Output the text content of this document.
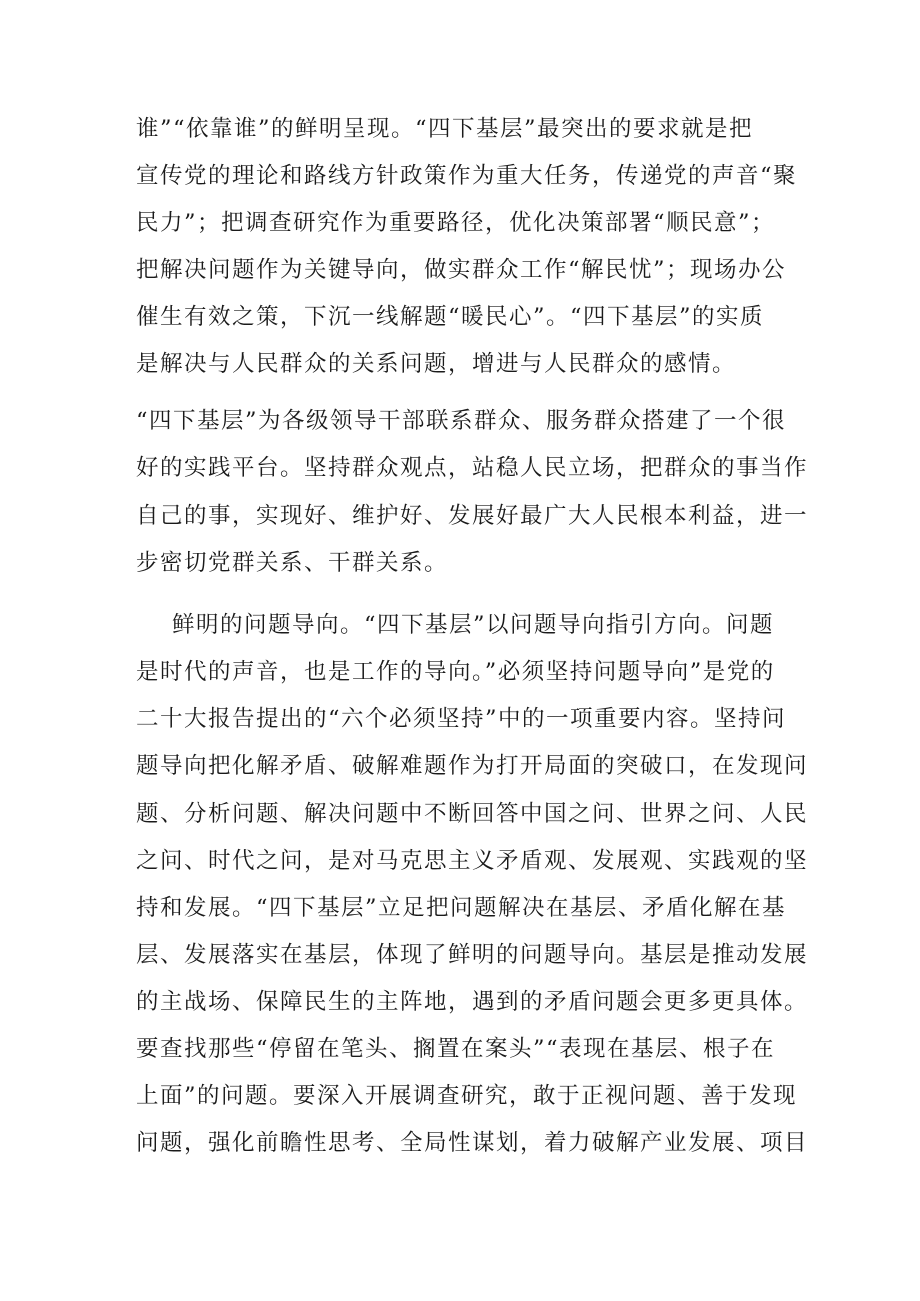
谁”“依靠谁”的鲜明呈现。“四下基层”最突出的要求就是把
宣传党的理论和路线方针政策作为重大任务，传递党的声音“聚
民力”；把调查研究作为重要路径，优化决策部署“顺民意”；
把解决问题作为关键导向，做实群众工作“解民忧”；现场办公
催生有效之策，下沉一线解题“暖民心”。“四下基层”的实质
是解决与人民群众的关系问题，增进与人民群众的感情。
“四下基层”为各级领导干部联系群众、服务群众搭建了一个很
好的实践平台。坚持群众观点，站稳人民立场，把群众的事当作
自己的事，实现好、维护好、发展好最广大人民根本利益，进一
步密切党群关系、干群关系。
鲜明的问题导向。“四下基层”以问题导向指引方向。问题
是时代的声音，也是工作的导向。”必须坚持问题导向”是党的
二十大报告提出的“六个必须坚持”中的一项重要内容。坚持问
题导向把化解矛盾、破解难题作为打开局面的突破口，在发现问
题、分析问题、解决问题中不断回答中国之问、世界之问、人民
之问、时代之问，是对马克思主义矛盾观、发展观、实践观的坚
持和发展。“四下基层”立足把问题解决在基层、矛盾化解在基
层、发展落实在基层，体现了鲜明的问题导向。基层是推动发展
的主战场、保障民生的主阵地，遇到的矛盾问题会更多更具体。
要查找那些“停留在笔头、搁置在案头”“表现在基层、根子在
上面”的问题。要深入开展调查研究，敢于正视问题、善于发现
问题，强化前瞻性思考、全局性谋划，着力破解产业发展、项目
